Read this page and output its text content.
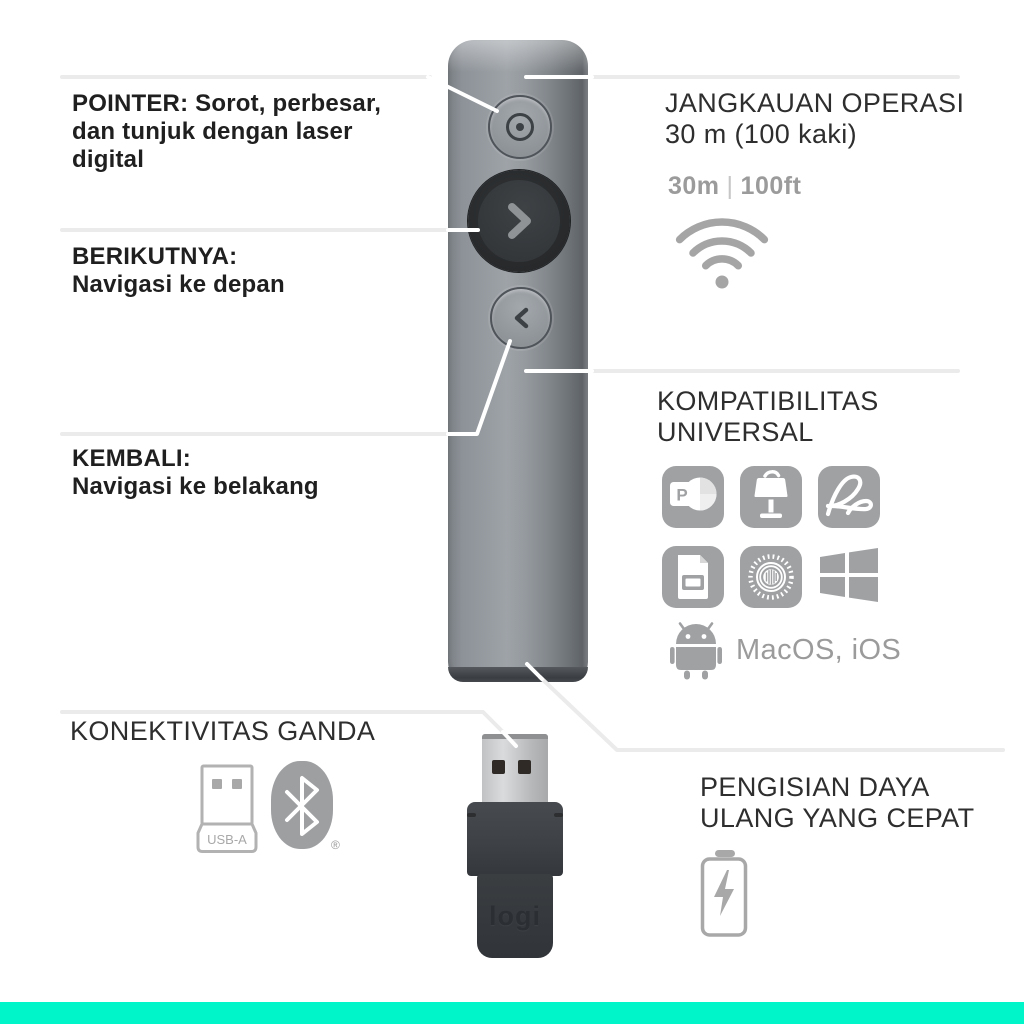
logi
POINTER: Sorot, perbesar,
dan tunjuk dengan laser
digital
BERIKUTNYA:
Navigasi ke depan
KEMBALI:
Navigasi ke belakang
KONEKTIVITAS GANDA
USB-A	®
JANGKAUAN OPERASI
30 m (100 kaki)
30m | 100ft
KOMPATIBILITAS UNIVERSAL
P
MacOS, iOS
PENGISIAN DAYA
ULANG YANG CEPAT
